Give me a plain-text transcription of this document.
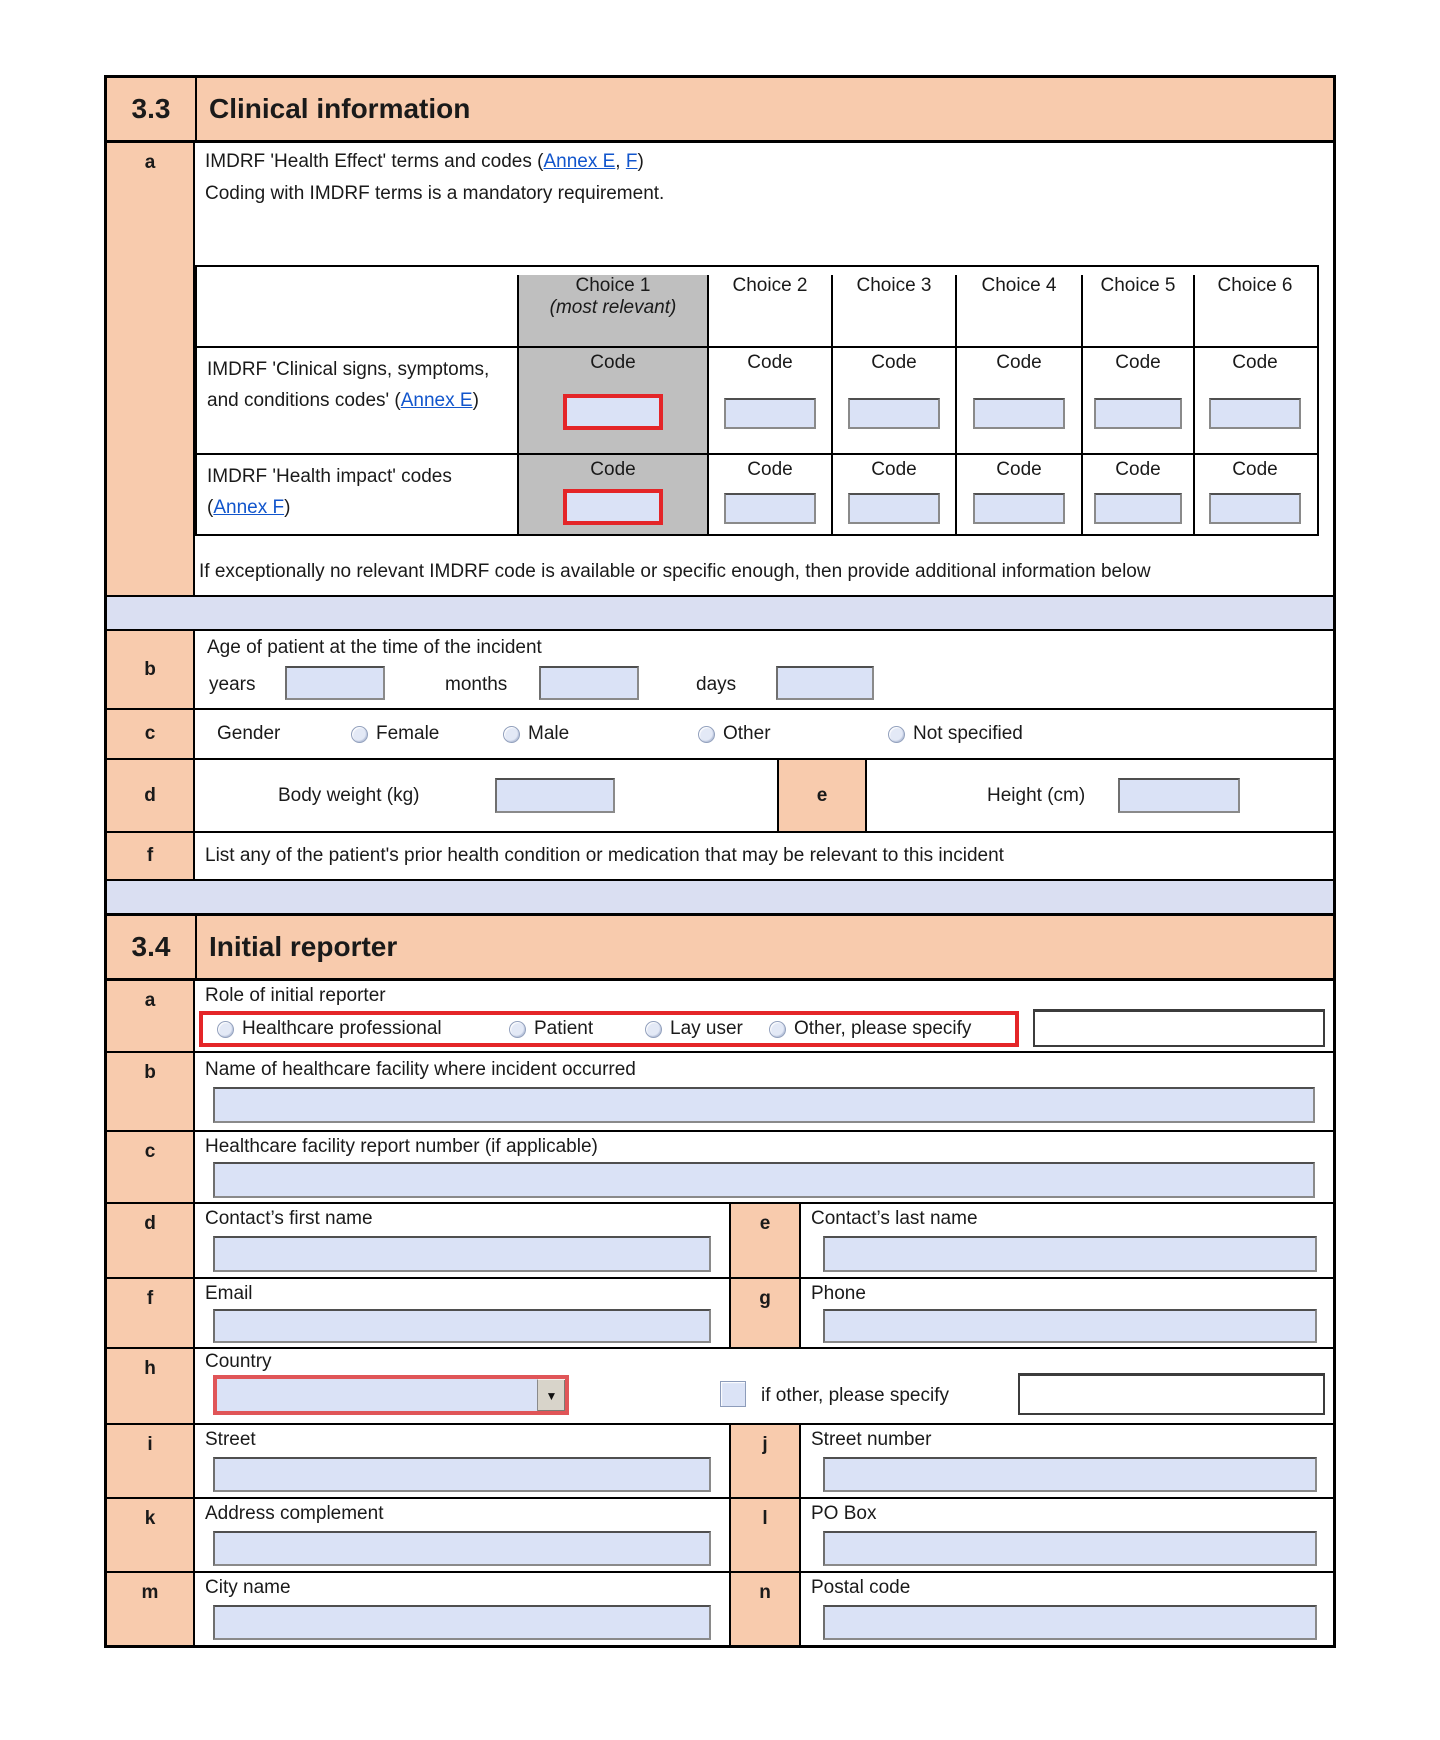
3.3	Clinical information
a	IMDRF 'Health Effect' terms and codes (Annex E, F)
Coding with IMDRF terms is a mandatory requirement.
Choice 1
(most relevant)
Choice 2	Choice 3	Choice 4	Choice 5	Choice 6
IMDRF 'Clinical signs, symptoms, and conditions codes' (Annex E)
Code	Code	Code	Code	Code	Code
IMDRF 'Health impact' codes (Annex F)
Code	Code	Code	Code	Code	Code
If exceptionally no relevant IMDRF code is available or specific enough, then provide additional information below
b
Age of patient at the time of the incident
years	months	days
c	Gender	Female	Male	Other	Not specified
d	Body weight (kg)	e	Height (cm)
f	List any of the patient's prior health condition or medication that may be relevant to this incident
3.4	Initial reporter
a	Role of initial reporter
Healthcare professional	Patient	Lay user	Other, please specify
b	Name of healthcare facility where incident occurred
c	Healthcare facility report number (if applicable)
d	Contact’s first name	e	Contact’s last name
f	Email	g	Phone
h	Country
▼	if other, please specify
i	Street	j	Street number
k	Address complement	l	PO Box
m	City name	n	Postal code
